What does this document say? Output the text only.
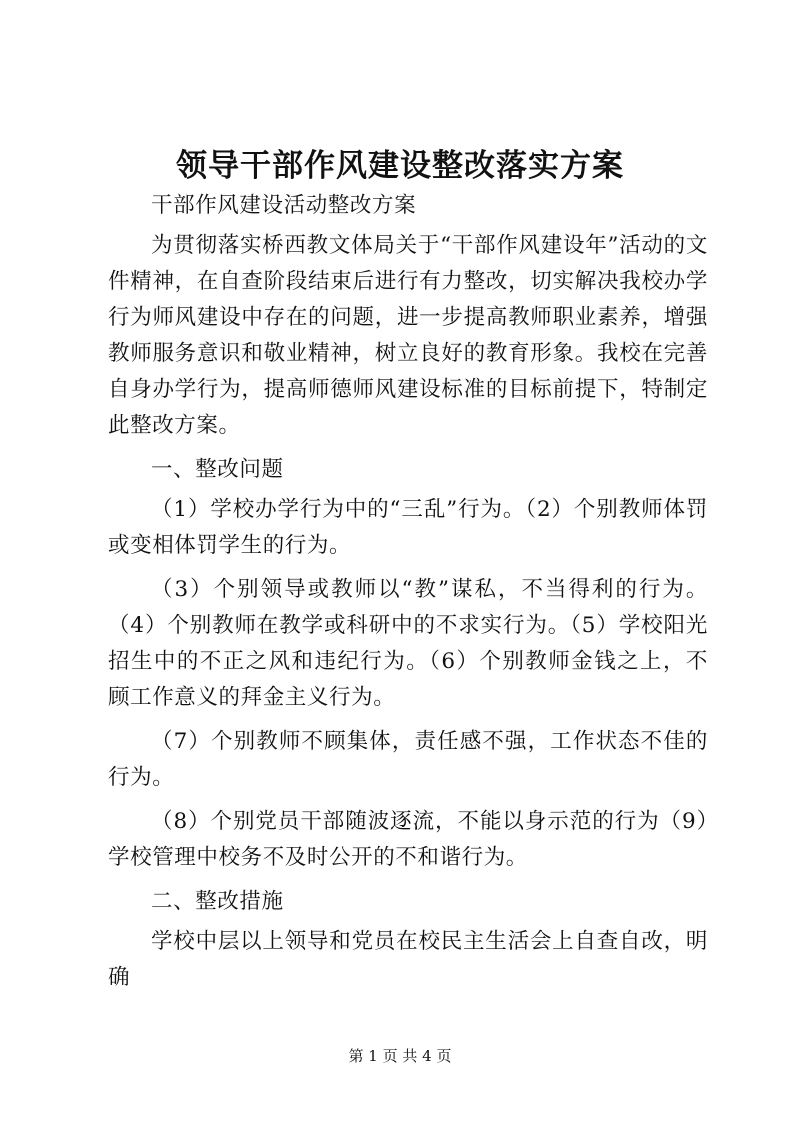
领导干部作风建设整改落实方案

干部作风建设活动整改方案

为贯彻落实桥西教文体局关于“干部作风建设年”活动的文件精神，在自查阶段结束后进行有力整改，切实解决我校办学行为师风建设中存在的问题，进一步提高教师职业素养，增强教师服务意识和敬业精神，树立良好的教育形象。我校在完善自身办学行为，提高师德师风建设标准的目标前提下，特制定此整改方案。

一、整改问题

（1）学校办学行为中的“三乱”行为。（2）个别教师体罚或变相体罚学生的行为。

（3）个别领导或教师以“教”谋私，不当得利的行为。（4）个别教师在教学或科研中的不求实行为。（5）学校阳光招生中的不正之风和违纪行为。（6）个别教师金钱之上，不顾工作意义的拜金主义行为。

（7）个别教师不顾集体，责任感不强，工作状态不佳的行为。

（8）个别党员干部随波逐流，不能以身示范的行为（9）学校管理中校务不及时公开的不和谐行为。

二、整改措施

学校中层以上领导和党员在校民主生活会上自查自改，明确

第 1 页 共 4 页
